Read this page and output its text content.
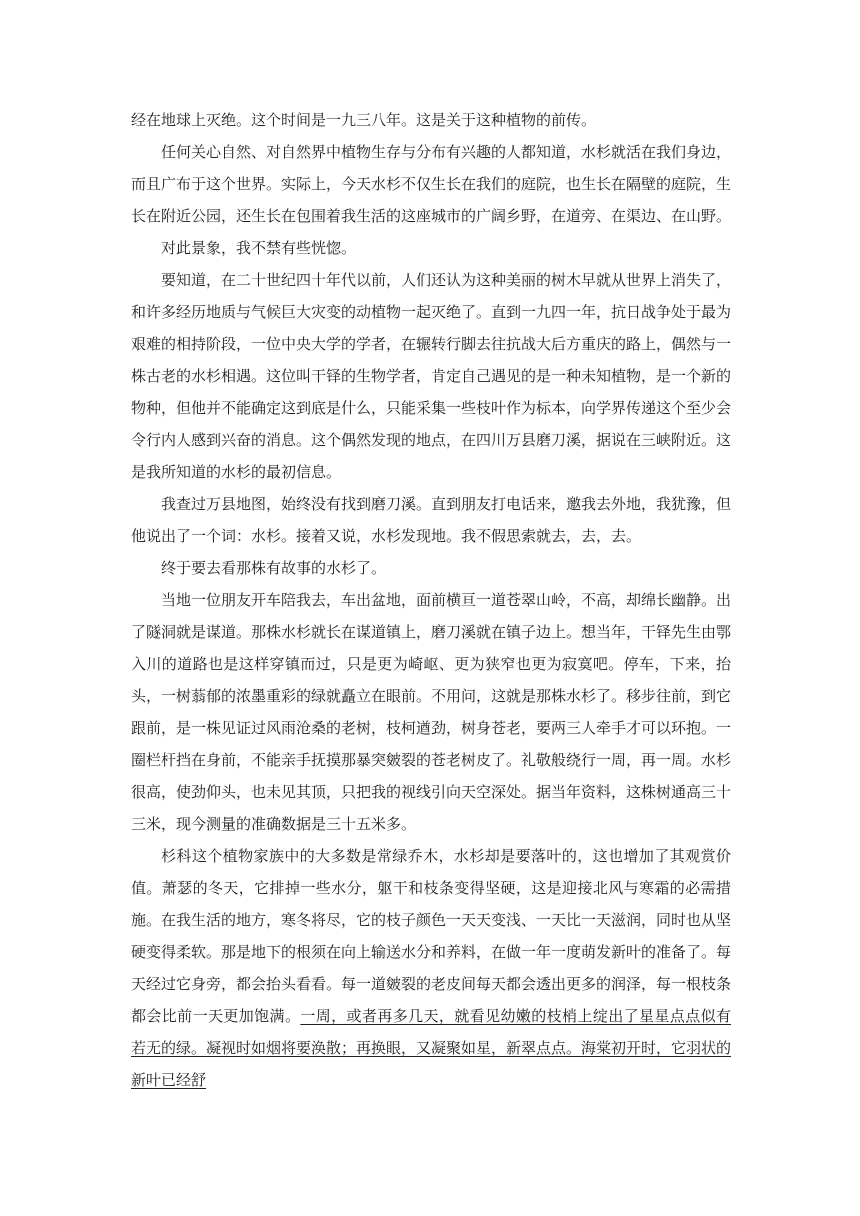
经在地球上灭绝。这个时间是一九三八年。这是关于这种植物的前传。

任何关心自然、对自然界中植物生存与分布有兴趣的人都知道，水杉就活在我们身边，而且广布于这个世界。实际上，今天水杉不仅生长在我们的庭院，也生长在隔壁的庭院，生长在附近公园，还生长在包围着我生活的这座城市的广阔乡野，在道旁、在渠边、在山野。

对此景象，我不禁有些恍惚。

要知道，在二十世纪四十年代以前，人们还认为这种美丽的树木早就从世界上消失了，和许多经历地质与气候巨大灾变的动植物一起灭绝了。直到一九四一年，抗日战争处于最为艰难的相持阶段，一位中央大学的学者，在辗转行脚去往抗战大后方重庆的路上，偶然与一株古老的水杉相遇。这位叫干铎的生物学者，肯定自己遇见的是一种未知植物，是一个新的物种，但他并不能确定这到底是什么，只能采集一些枝叶作为标本，向学界传递这个至少会令行内人感到兴奋的消息。这个偶然发现的地点，在四川万县磨刀溪，据说在三峡附近。这是我所知道的水杉的最初信息。

我查过万县地图，始终没有找到磨刀溪。直到朋友打电话来，邀我去外地，我犹豫，但他说出了一个词：水杉。接着又说，水杉发现地。我不假思索就去，去，去。

终于要去看那株有故事的水杉了。

当地一位朋友开车陪我去，车出盆地，面前横亘一道苍翠山岭，不高，却绵长幽静。出了隧洞就是谋道。那株水杉就长在谋道镇上，磨刀溪就在镇子边上。想当年，干铎先生由鄂入川的道路也是这样穿镇而过，只是更为崎岖、更为狭窄也更为寂寞吧。停车，下来，抬头，一树蓊郁的浓墨重彩的绿就矗立在眼前。不用问，这就是那株水杉了。移步往前，到它跟前，是一株见证过风雨沧桑的老树，枝柯遒劲，树身苍老，要两三人牵手才可以环抱。一圈栏杆挡在身前，不能亲手抚摸那暴突皴裂的苍老树皮了。礼敬般绕行一周，再一周。水杉很高，使劲仰头，也未见其顶，只把我的视线引向天空深处。据当年资料，这株树通高三十三米，现今测量的准确数据是三十五米多。

杉科这个植物家族中的大多数是常绿乔木，水杉却是要落叶的，这也增加了其观赏价值。萧瑟的冬天，它排掉一些水分，躯干和枝条变得坚硬，这是迎接北风与寒霜的必需措施。在我生活的地方，寒冬将尽，它的枝子颜色一天天变浅、一天比一天滋润，同时也从坚硬变得柔软。那是地下的根须在向上输送水分和养料，在做一年一度萌发新叶的准备了。每天经过它身旁，都会抬头看看。每一道皴裂的老皮间每天都会透出更多的润泽，每一根枝条都会比前一天更加饱满。一周，或者再多几天，就看见幼嫩的枝梢上绽出了星星点点似有若无的绿。凝视时如烟将要涣散；再换眼，又凝聚如星，新翠点点。海棠初开时，它羽状的新叶已经舒
